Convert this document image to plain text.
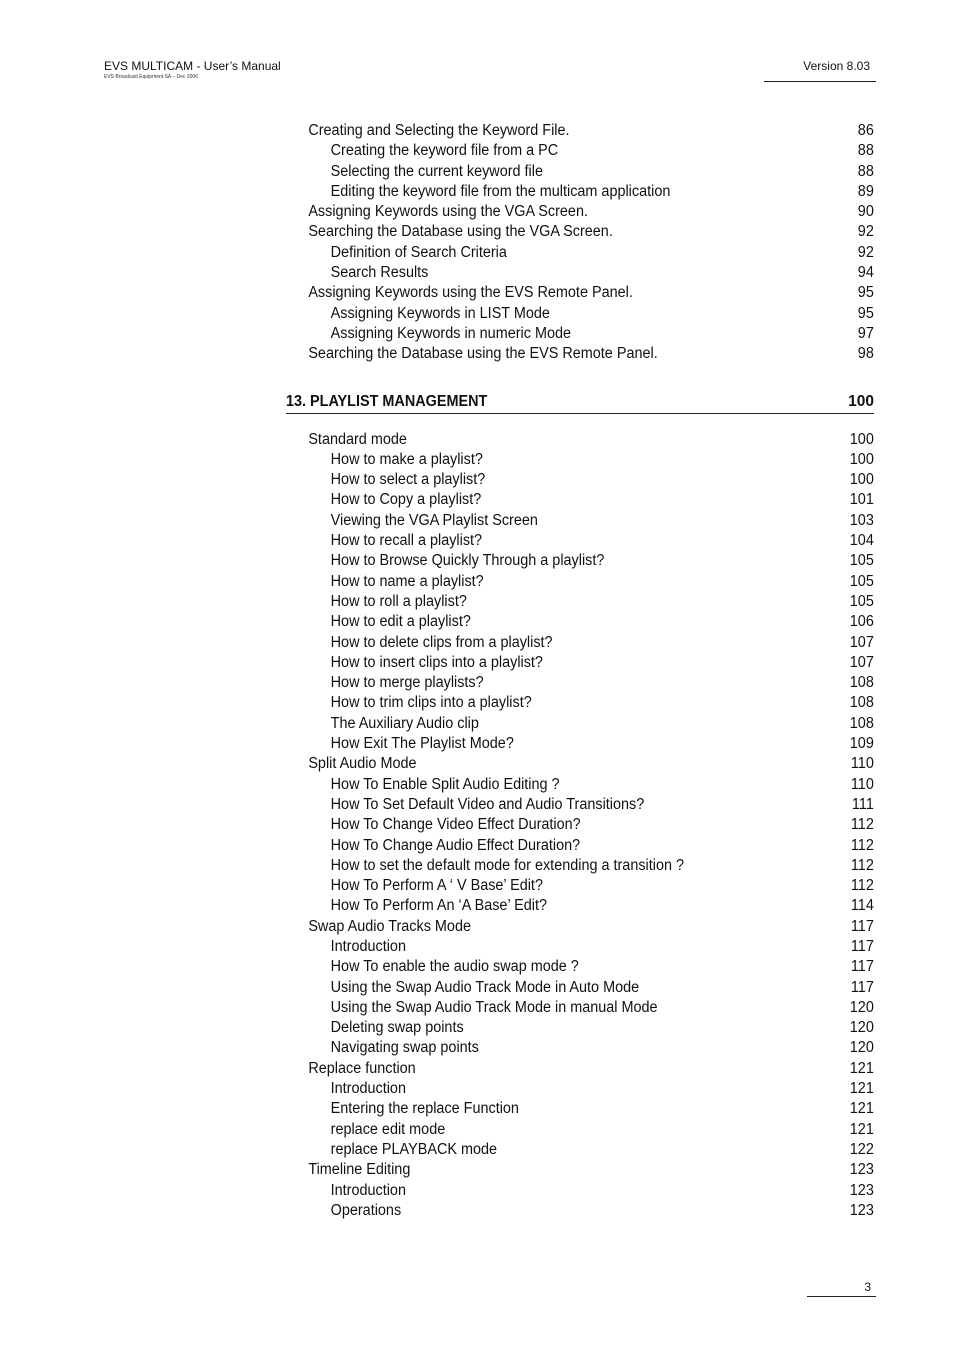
EVS MULTICAM - User’s Manual
EVS Broadcast Equipment SA – Dec 2006
Version 8.03
Creating and Selecting the Keyword File.	86
Creating the keyword file from a PC	88
Selecting the current keyword file	88
Editing the keyword file from the multicam application	89
Assigning Keywords using the VGA Screen.	90
Searching the Database using the VGA Screen.	92
Definition of Search Criteria	92
Search Results	94
Assigning Keywords using the EVS Remote Panel.	95
Assigning Keywords in LIST Mode	95
Assigning Keywords in numeric Mode	97
Searching the Database using the EVS Remote Panel.	98
13. PLAYLIST MANAGEMENT	100
Standard mode	100
How to make a playlist?	100
How to select a playlist?	100
How to Copy a playlist?	101
Viewing the VGA Playlist Screen	103
How to recall a playlist?	104
How to Browse Quickly Through a playlist?	105
How to name a playlist?	105
How to roll a playlist?	105
How to edit a playlist?	106
How to delete clips from a playlist?	107
How to insert clips into a playlist?	107
How to merge playlists?	108
How to trim clips into a playlist?	108
The Auxiliary Audio clip	108
How Exit The Playlist Mode?	109
Split Audio Mode	110
How To Enable Split Audio Editing ?	110
How To Set Default Video and Audio Transitions?	111
How To Change Video Effect Duration?	112
How To Change Audio Effect Duration?	112
How to set the default mode for extending a transition ?	112
How To Perform A ‘ V Base’ Edit?	112
How To Perform An ‘A Base’ Edit?	114
Swap Audio Tracks Mode	117
Introduction	117
How To enable the audio swap mode ?	117
Using the Swap Audio Track Mode in Auto Mode	117
Using the Swap Audio Track Mode in manual Mode	120
Deleting swap points	120
Navigating swap points	120
Replace function	121
Introduction	121
Entering the replace Function	121
replace edit mode	121
replace PLAYBACK mode	122
Timeline Editing	123
Introduction	123
Operations	123
3
